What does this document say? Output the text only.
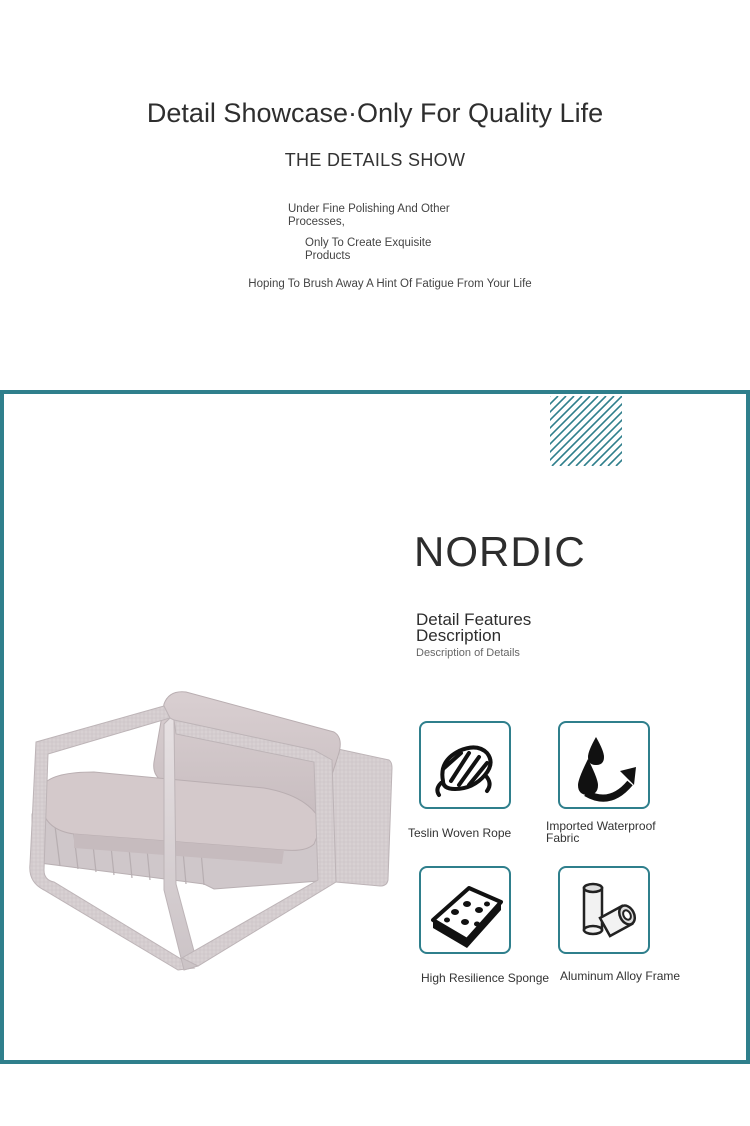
Detail Showcase·Only For Quality Life
THE DETAILS SHOW
Under Fine Polishing And Other Processes,
Only To Create Exquisite Products
Hoping To Brush Away A Hint Of Fatigue From Your Life
NORDIC
Detail Features Description
Description of Details
Teslin Woven Rope	Imported Waterproof Fabric
High Resilience Sponge Aluminum Alloy Frame
